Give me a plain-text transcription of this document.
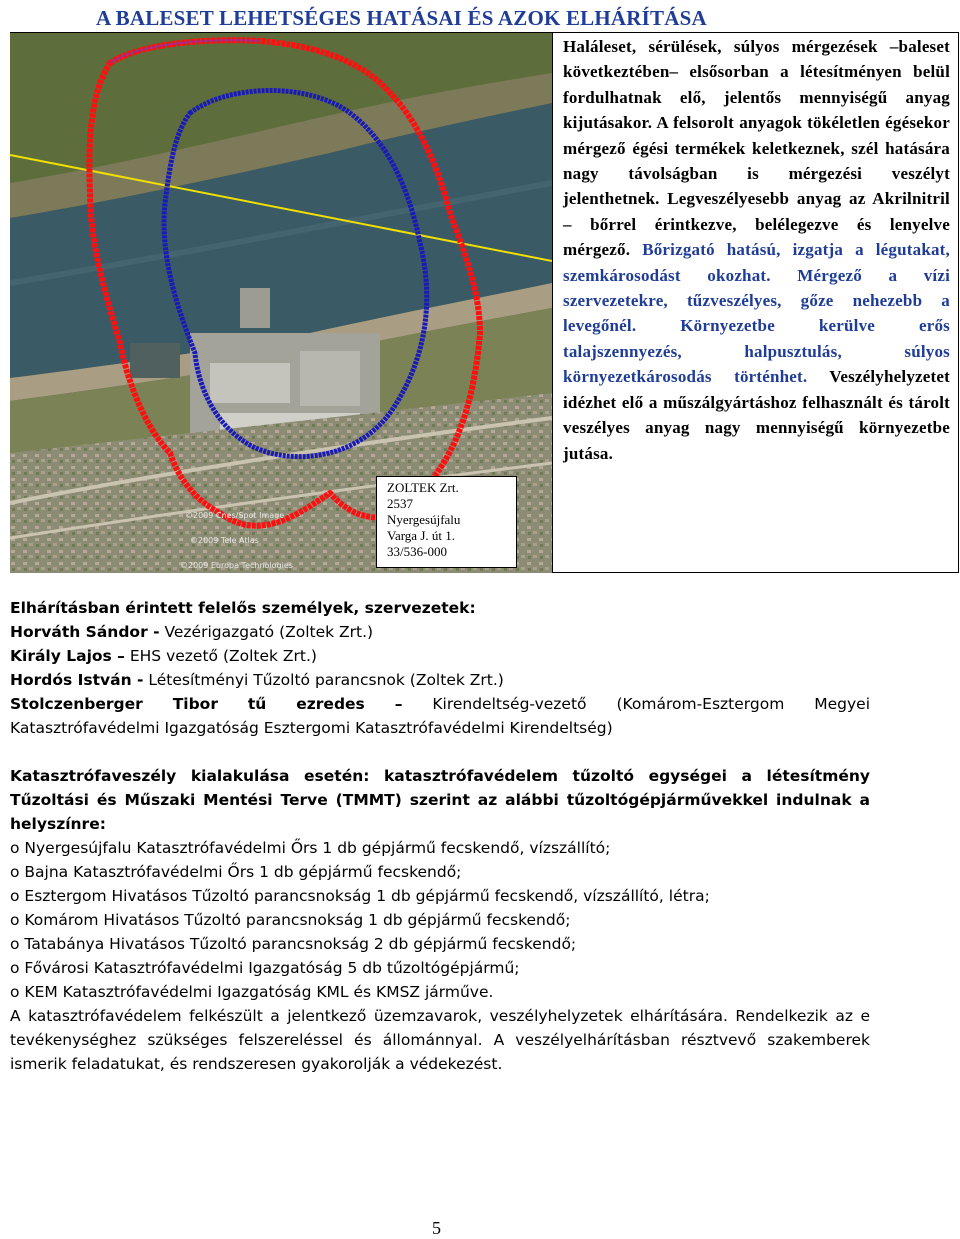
A BALESET LEHETSÉGES HATÁSAI ÉS AZOK ELHÁRÍTÁSA
©2009 Cnes/Spot Image
©2009 Tele Atlas
©2009 Europa Technologies
ZOLTEK Zrt.
2537
Nyergesújfalu
Varga J. út 1.
33/536-000
Haláleset, sérülések, súlyos mérgezések –baleset következtében– elsősorban a létesítményen belül fordulhatnak elő, jelentős mennyiségű anyag kijutásakor. A felsorolt anyagok tökéletlen égésekor mérgező égési termékek keletkeznek, szél hatására nagy távolságban is mérgezési veszélyt jelenthetnek. Legveszélyesebb anyag az Akrilnitril – bőrrel érintkezve, belélegezve és lenyelve mérgező. Bőrizgató hatású, izgatja a légutakat, szemkárosodást okozhat. Mérgező a vízi szervezetekre, tűzveszélyes, gőze nehezebb a levegőnél. Környezetbe kerülve erős talajszennyezés, halpusztulás, súlyos környezetkárosodás történhet. Veszélyhelyzetet idézhet elő a műszálgyártáshoz felhasznált és tárolt veszélyes anyag nagy mennyiségű környezetbe jutása.
Elhárításban érintett felelős személyek, szervezetek:
Horváth Sándor - Vezérigazgató (Zoltek Zrt.)
Király Lajos – EHS vezető (Zoltek Zrt.)
Hordós István - Létesítményi Tűzoltó parancsnok (Zoltek Zrt.)
Stolczenberger Tibor tű ezredes – Kirendeltség-vezető (Komárom-Esztergom Megyei
Katasztrófavédelmi Igazgatóság Esztergomi Katasztrófavédelmi Kirendeltség)
Katasztrófaveszély kialakulása esetén: katasztrófavédelem tűzoltó egységei a létesítmény Tűzoltási és Műszaki Mentési Terve (TMMT) szerint az alábbi tűzoltógépjárművekkel indulnak a helyszínre:
o Nyergesújfalu Katasztrófavédelmi Őrs 1 db gépjármű fecskendő, vízszállító;
o Bajna Katasztrófavédelmi Őrs 1 db gépjármű fecskendő;
o Esztergom Hivatásos Tűzoltó parancsnokság 1 db gépjármű fecskendő, vízszállító, létra;
o Komárom Hivatásos Tűzoltó parancsnokság 1 db gépjármű fecskendő;
o Tatabánya Hivatásos Tűzoltó parancsnokság 2 db gépjármű fecskendő;
o Fővárosi Katasztrófavédelmi Igazgatóság 5 db tűzoltógépjármű;
o KEM Katasztrófavédelmi Igazgatóság KML és KMSZ járműve.
A katasztrófavédelem felkészült a jelentkező üzemzavarok, veszélyhelyzetek elhárítására. Rendelkezik az e tevékenységhez szükséges felszereléssel és állománnyal. A veszélyelhárításban résztvevő szakemberek ismerik feladatukat, és rendszeresen gyakorolják a védekezést.
5
